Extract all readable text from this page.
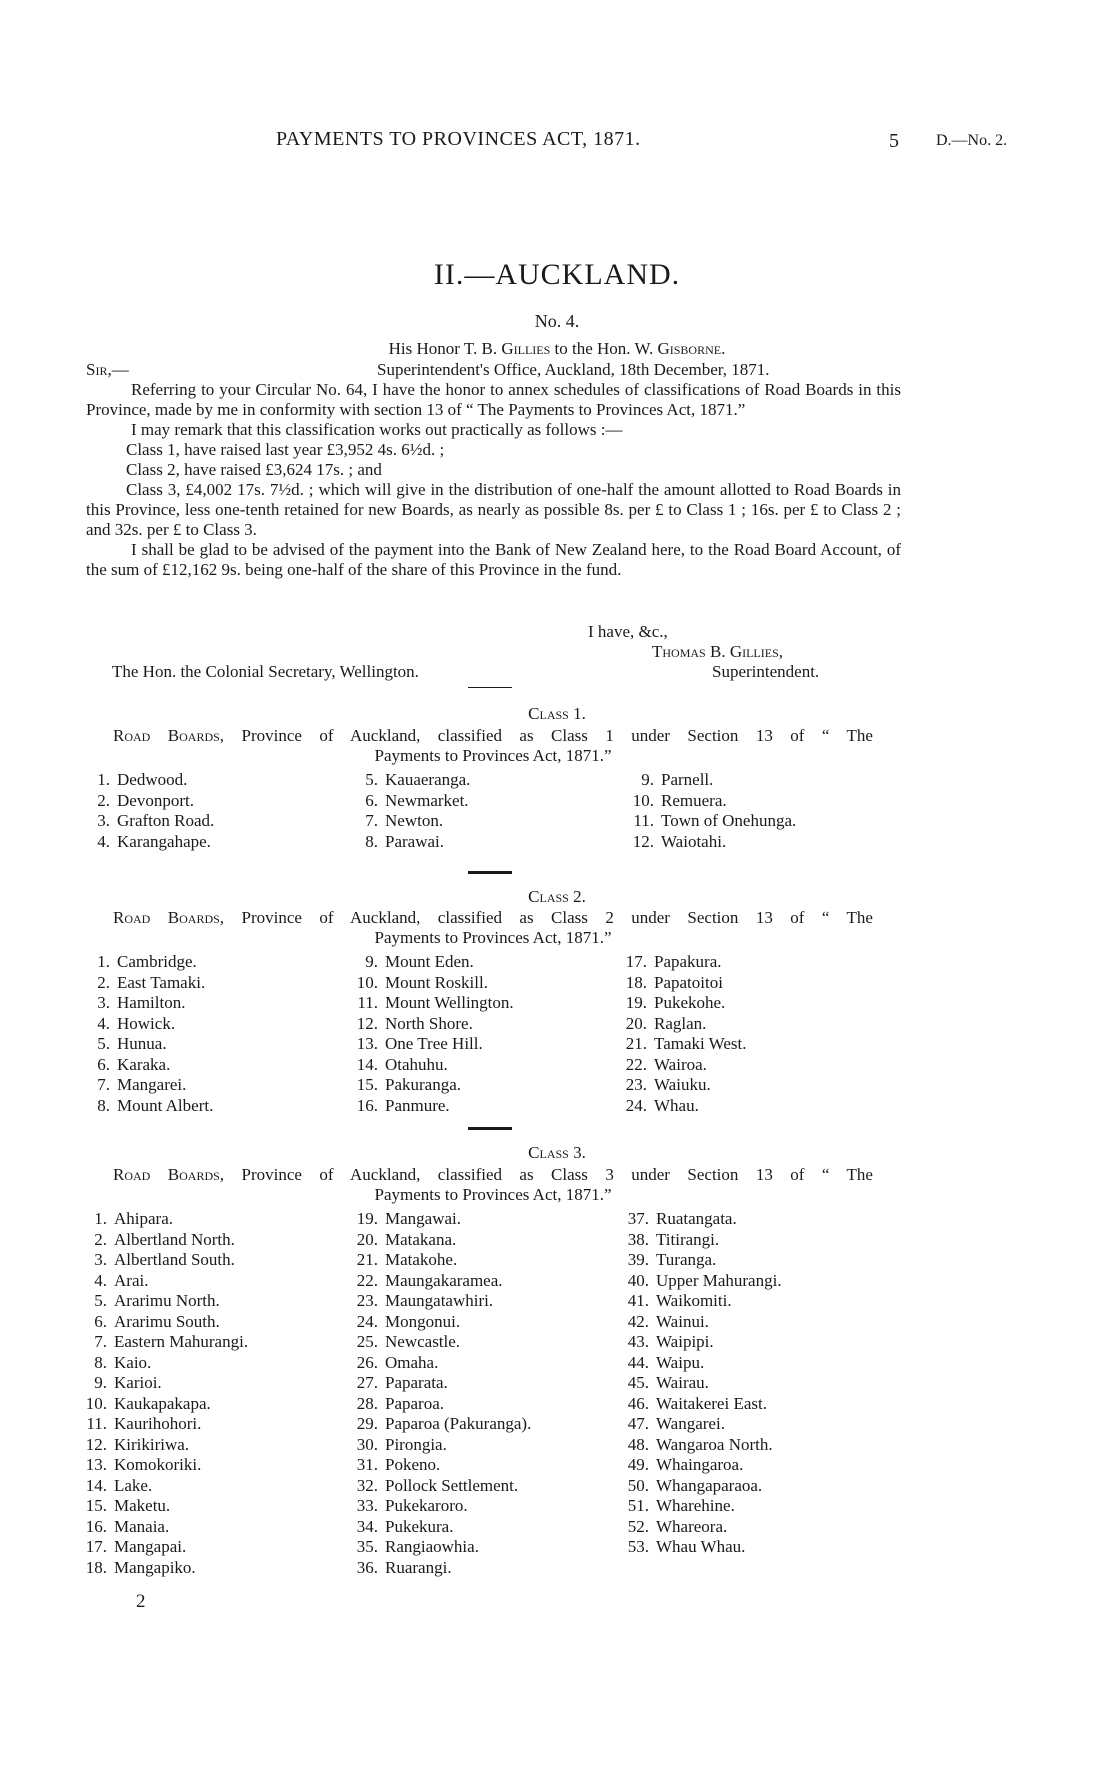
PAYMENTS TO PROVINCES ACT, 1871.	5 D.—No. 2.
II.—AUCKLAND.
No. 4.
His Honor T. B. Gillies to the Hon. W. Gisborne.
Sir,—	Superintendent's Office, Auckland, 18th December, 1871.

Referring to your Circular No. 64, I have the honor to annex schedules of classifications of Road Boards in this Province, made by me in conformity with section 13 of “ The Payments to Provinces Act, 1871.”

I may remark that this classification works out practically as follows :—

Class 1, have raised last year £3,952 4s. 6½d. ;

Class 2, have raised £3,624 17s. ; and

Class 3, £4,002 17s. 7½d. ; which will give in the distribution of one-half the amount allotted to Road Boards in this Province, less one-tenth retained for new Boards, as nearly as possible 8s. per £ to Class 1 ; 16s. per £ to Class 2 ; and 32s. per £ to Class 3.

I shall be glad to be advised of the payment into the Bank of New Zealand here, to the Road Board Account, of the sum of £12,162 9s. being one-half of the share of this Province in the fund.

I have, &c.,
Thomas B. Gillies,
The Hon. the Colonial Secretary, Wellington.	Superintendent.
Class 1.
Road Boards, Province of Auckland, classified as Class 1 under Section 13 of “ The
Payments to Provinces Act, 1871.”
1. Dedwood.
2. Devonport.
3. Grafton Road.
4. Karangahape.
5. Kauaeranga.
6. Newmarket.
7. Newton.
8. Parawai.
9. Parnell.
10. Remuera.
11. Town of Onehunga.
12. Waiotahi.
Class 2.
Road Boards, Province of Auckland, classified as Class 2 under Section 13 of “ The
Payments to Provinces Act, 1871.”
1. Cambridge.
2. East Tamaki.
3. Hamilton.
4. Howick.
5. Hunua.
6. Karaka.
7. Mangarei.
8. Mount Albert.
9. Mount Eden.
10. Mount Roskill.
11. Mount Wellington.
12. North Shore.
13. One Tree Hill.
14. Otahuhu.
15. Pakuranga.
16. Panmure.
17. Papakura.
18. Papatoitoi
19. Pukekohe.
20. Raglan.
21. Tamaki West.
22. Wairoa.
23. Waiuku.
24. Whau.
Class 3.
Road Boards, Province of Auckland, classified as Class 3 under Section 13 of “ The
Payments to Provinces Act, 1871.”
1. Ahipara.
2. Albertland North.
3. Albertland South.
4. Arai.
5. Ararimu North.
6. Ararimu South.
7. Eastern Mahurangi.
8. Kaio.
9. Karioi.
10. Kaukapakapa.
11. Kaurihohori.
12. Kirikiriwa.
13. Komokoriki.
14. Lake.
15. Maketu.
16. Manaia.
17. Mangapai.
18. Mangapiko.
19. Mangawai.
20. Matakana.
21. Matakohe.
22. Maungakaramea.
23. Maungatawhiri.
24. Mongonui.
25. Newcastle.
26. Omaha.
27. Paparata.
28. Paparoa.
29. Paparoa (Pakuranga).
30. Pirongia.
31. Pokeno.
32. Pollock Settlement.
33. Pukekaroro.
34. Pukekura.
35. Rangiaowhia.
36. Ruarangi.
37. Ruatangata.
38. Titirangi.
39. Turanga.
40. Upper Mahurangi.
41. Waikomiti.
42. Wainui.
43. Waipipi.
44. Waipu.
45. Wairau.
46. Waitakerei East.
47. Wangarei.
48. Wangaroa North.
49. Whaingaroa.
50. Whangaparaoa.
51. Wharehine.
52. Whareora.
53. Whau Whau.
2
